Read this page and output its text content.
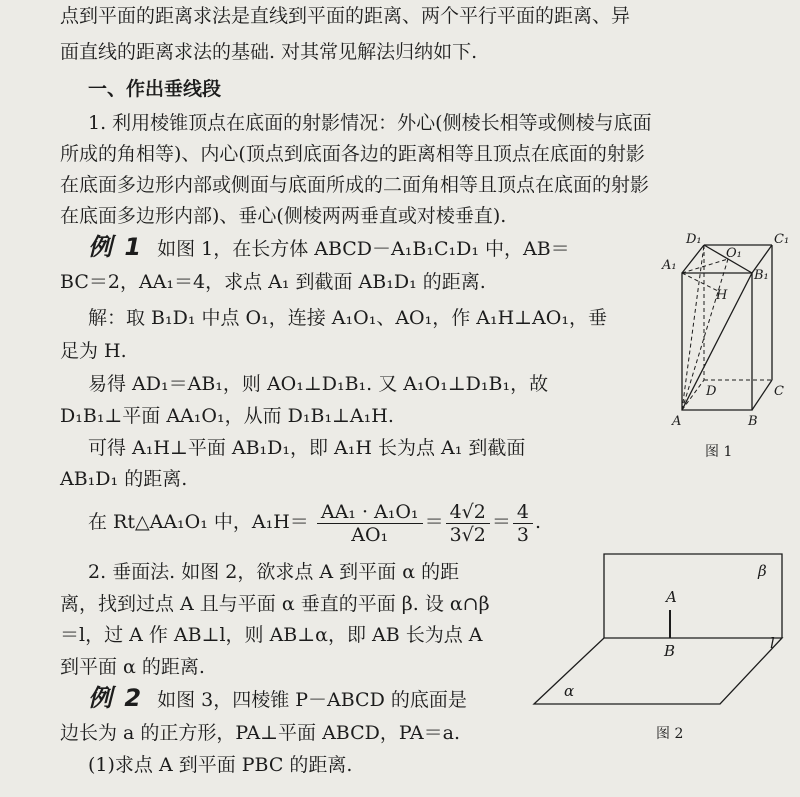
点到平面的距离求法是直线到平面的距离、两个平行平面的距离、异
面直线的距离求法的基础. 对其常见解法归纳如下.
一、作出垂线段
1. 利用棱锥顶点在底面的射影情况：外心(侧棱长相等或侧棱与底面
所成的角相等)、内心(顶点到底面各边的距离相等且顶点在底面的射影
在底面多边形内部或侧面与底面所成的二面角相等且顶点在底面的射影
在底面多边形内部)、垂心(侧棱两两垂直或对棱垂直).
例 1 如图 1，在长方体 ABCD－A₁B₁C₁D₁ 中，AB＝
BC＝2，AA₁＝4，求点 A₁ 到截面 AB₁D₁ 的距离.
解：取 B₁D₁ 中点 O₁，连接 A₁O₁、AO₁，作 A₁H⊥AO₁，垂
足为 H.
易得 AD₁＝AB₁，则 AO₁⊥D₁B₁. 又 A₁O₁⊥D₁B₁，故
D₁B₁⊥平面 AA₁O₁，从而 D₁B₁⊥A₁H.
可得 A₁H⊥平面 AB₁D₁，即 A₁H 长为点 A₁ 到截面
AB₁D₁ 的距离.
在 Rt△AA₁O₁ 中，$A_1H= \frac{\text{AA₁ · A₁O₁}}{\text{AO₁}} = \frac{4√2}{3√2} = \frac{4}{3}$ .
2. 垂面法. 如图 2，欲求点 A 到平面 α 的距
离，找到过点 A 且与平面 α 垂直的平面 β. 设 α∩β
＝l，过 A 作 AB⊥l，则 AB⊥α，即 AB 长为点 A
到平面 α 的距离.
例 2 如图 3，四棱锥 P－ABCD 的底面是
边长为 a 的正方形，PA⊥平面 ABCD，PA＝a.
(1)求点 A 到平面 PBC 的距离.
D₁	C₁
A₁
O₁
B₁
H
D	C
A	B
图 1
β
A
B	l
α
图 2
